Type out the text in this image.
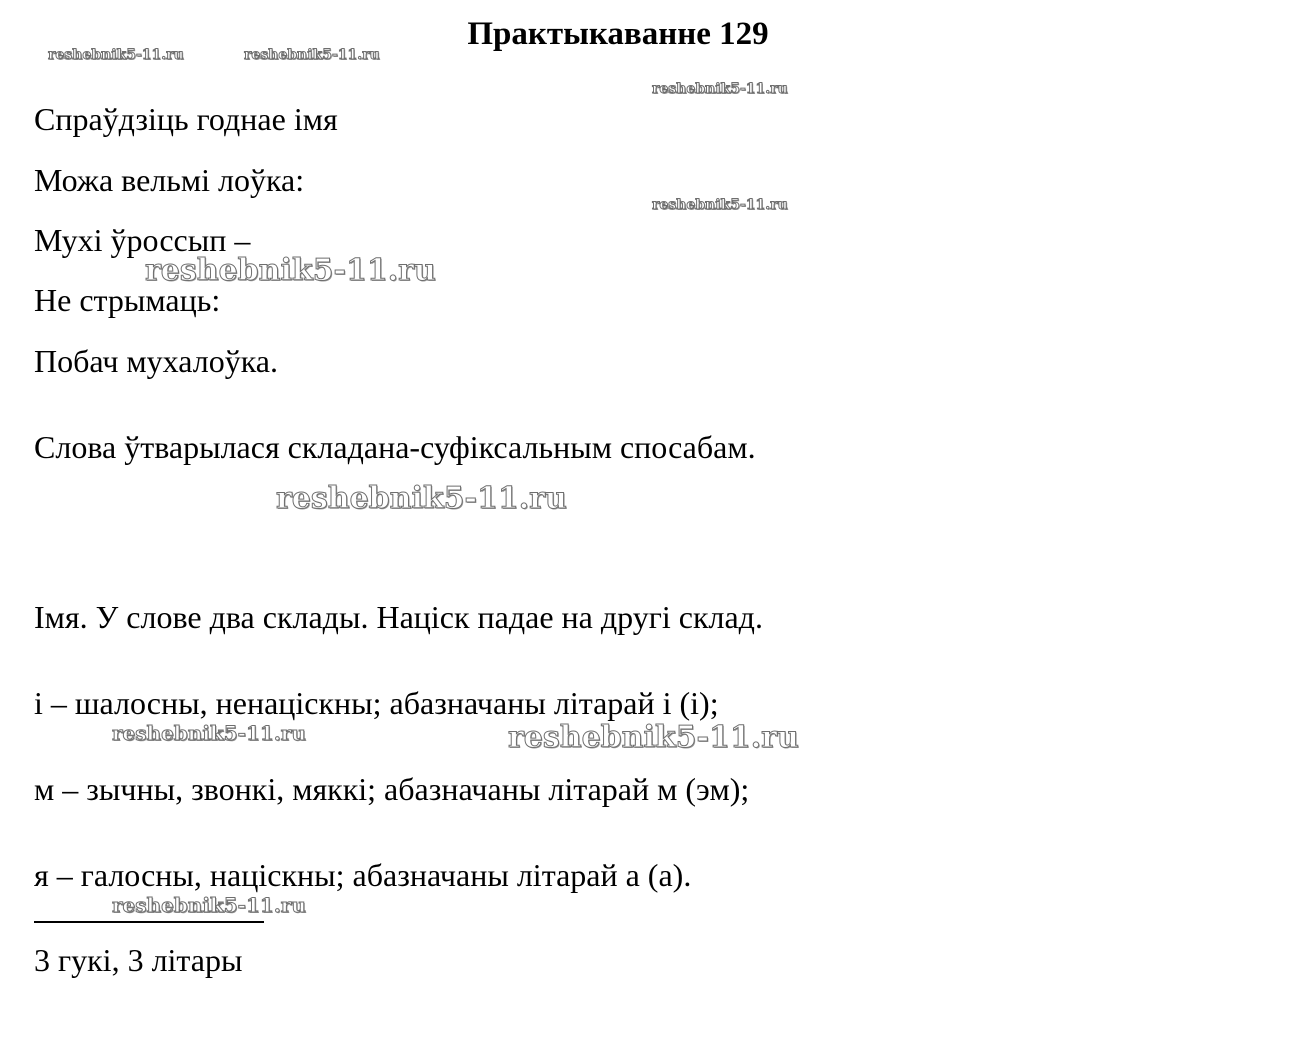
Практыкаванне 129
Спраўдзіць годнае імя
Можа вельмі лоўка:
Мухі ўроссып –
Не стрымаць:
Побач мухалоўка.
Слова ўтварылася складана-суфіксальным спосабам.
Імя. У слове два склады. Націск падае на другі склад.
і – шалосны, ненаціскны; абазначаны літарай і (і);
м – зычны, звонкі, мяккі; абазначаны літарай м (эм);
я – галосны, націскны; абазначаны літарай а (а).
3 гукі, 3 літары
reshebnik5-11.ru	reshebnik5-11.ru
reshebnik5-11.ru
reshebnik5-11.ru
reshebnik5-11.ru
reshebnik5-11.ru
reshebnik5-11.ru	reshebnik5-11.ru
reshebnik5-11.ru
